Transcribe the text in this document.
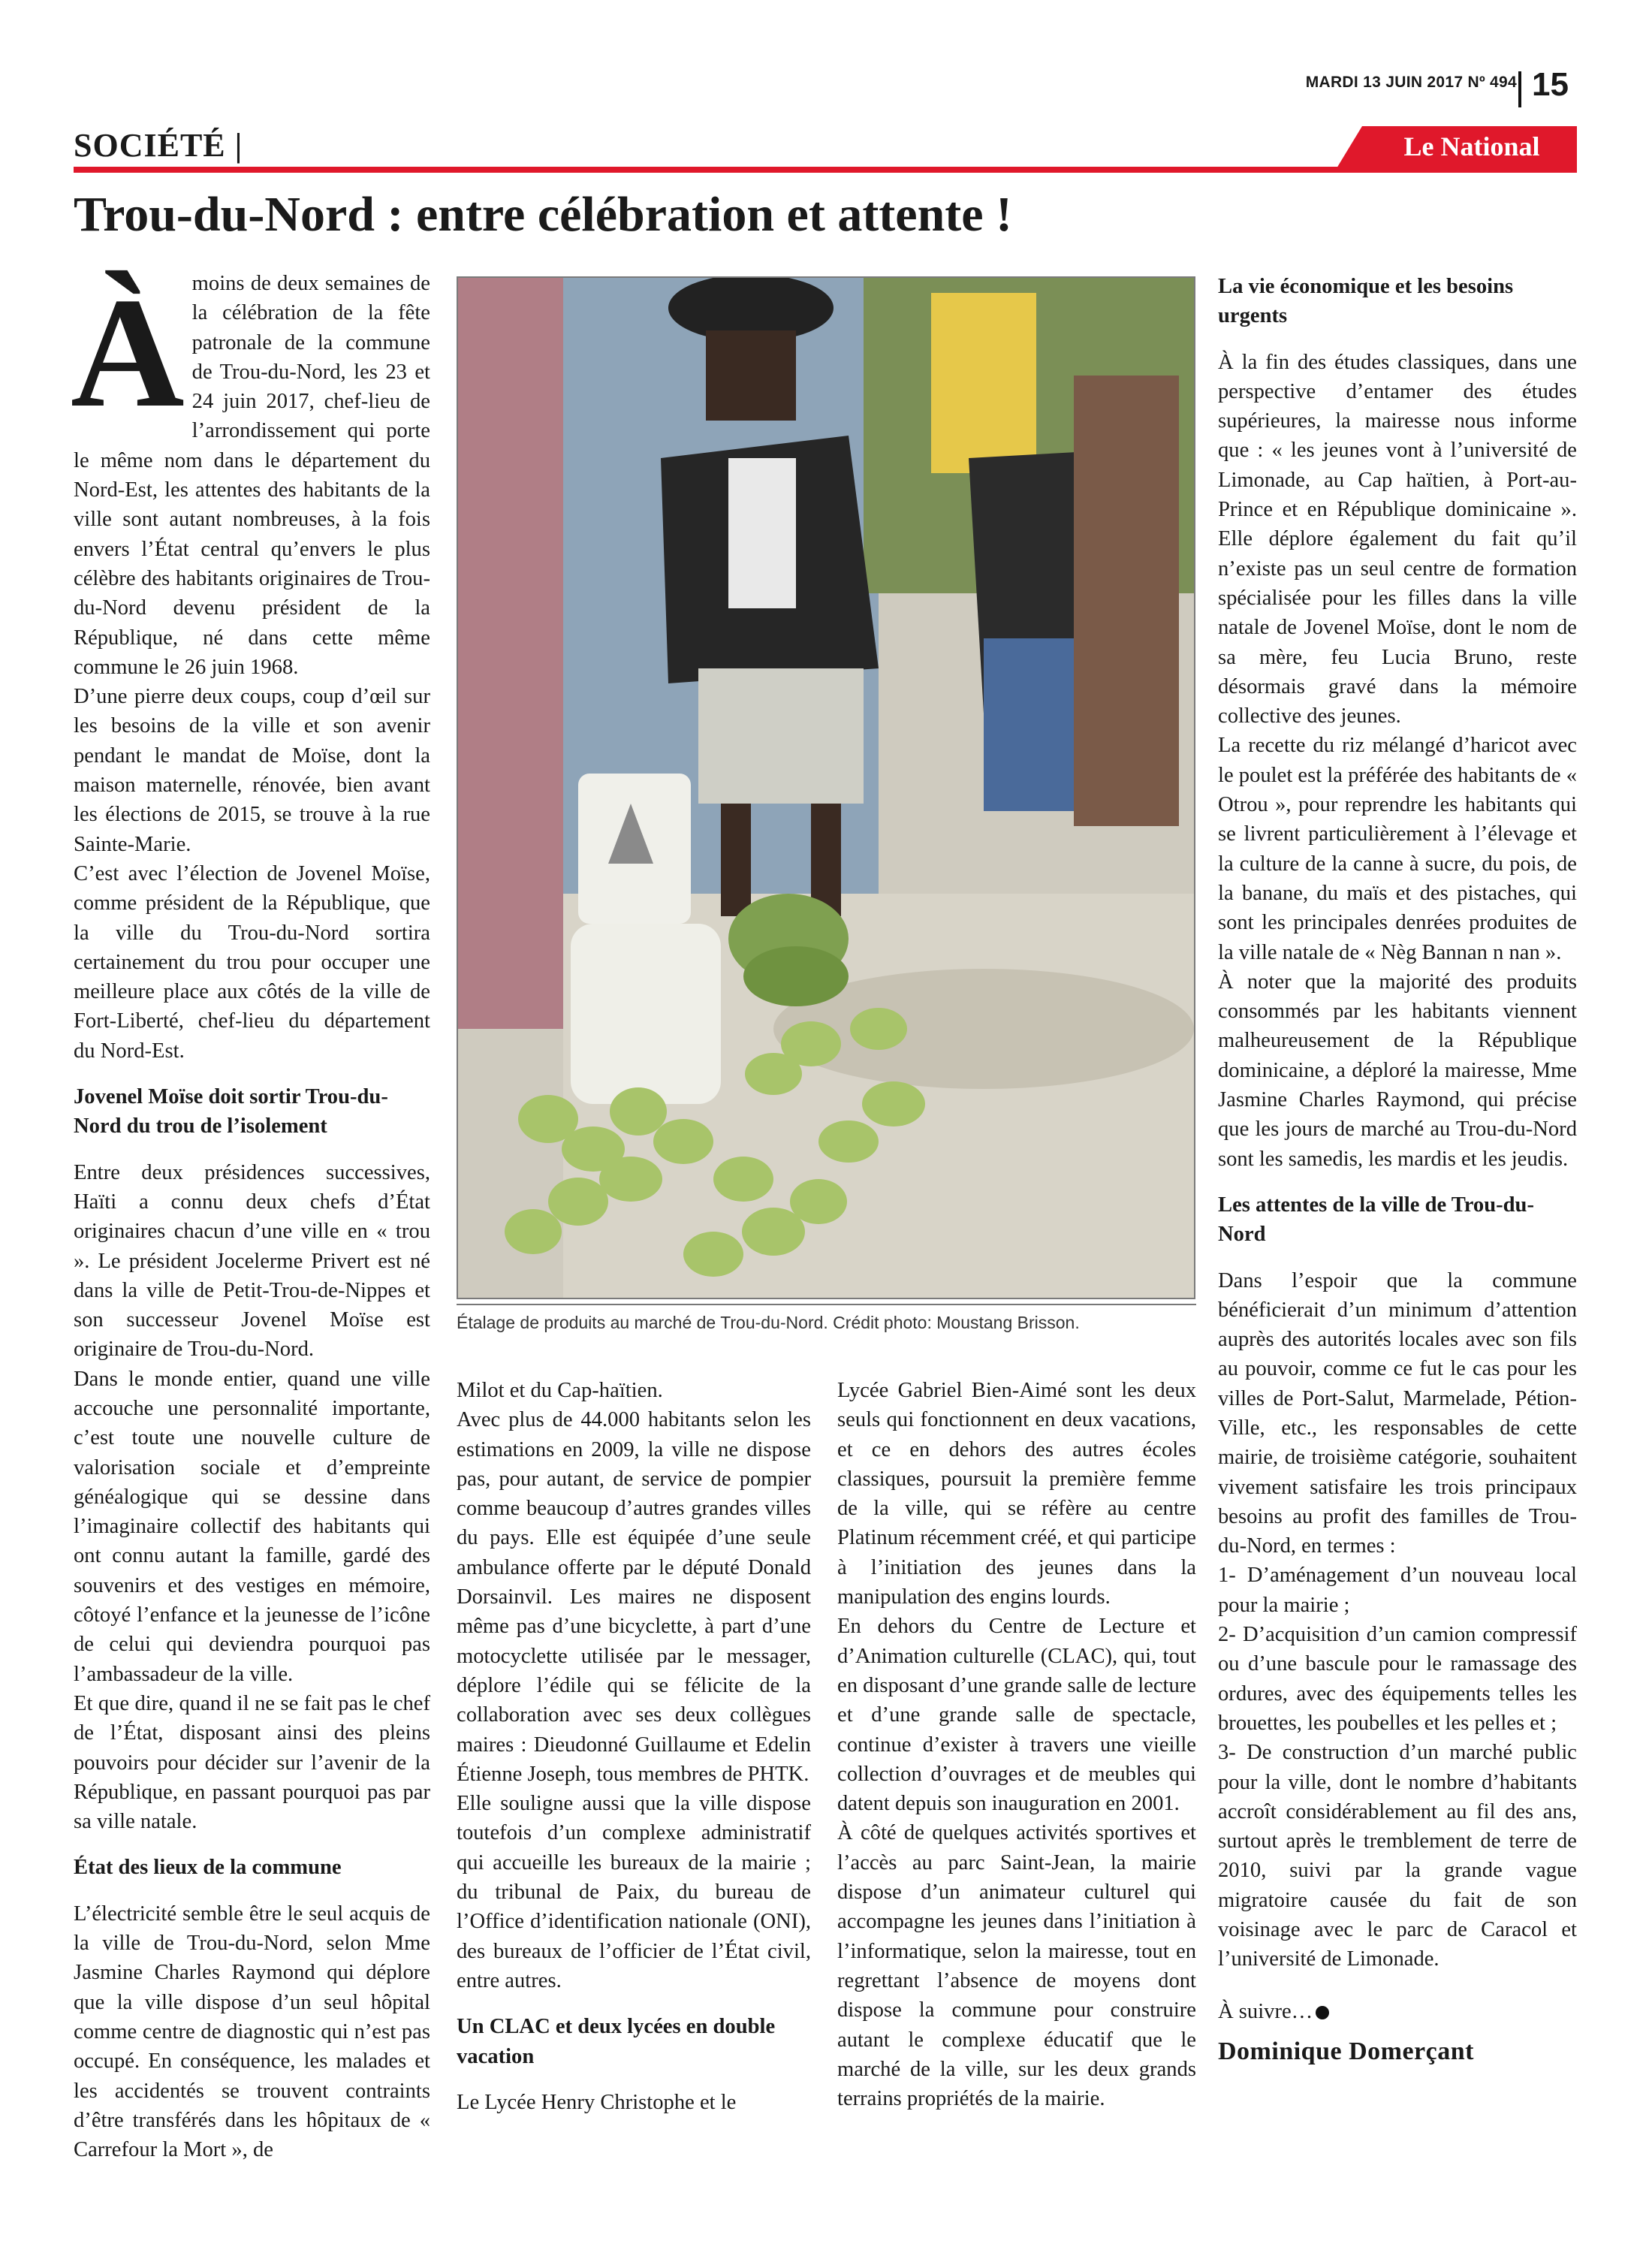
MARDI 13 JUIN 2017 Nº 494 15
SOCIÉTÉ |	Le National
Trou-du-Nord : entre célébration et attente !
À moins de deux semaines de la célébration de la fête patronale de la commune de Trou-du-Nord, les 23 et 24 juin 2017, chef-lieu de l’arrondissement qui porte le même nom dans le département du Nord-Est, les attentes des habitants de la ville sont autant nombreuses, à la fois envers l’État central qu’envers le plus célèbre des habitants originaires de Trou-du-Nord devenu président de la République, né dans cette même commune le 26 juin 1968.

D’une pierre deux coups, coup d’œil sur les besoins de la ville et son avenir pendant le mandat de Moïse, dont la maison maternelle, rénovée, bien avant les élections de 2015, se trouve à la rue Sainte-Marie.

C’est avec l’élection de Jovenel Moïse, comme président de la République, que la ville du Trou-du-Nord sortira certainement du trou pour occuper une meilleure place aux côtés de la ville de Fort-Liberté, chef-lieu du département du Nord-Est.

Jovenel Moïse doit sortir Trou-du-Nord du trou de l’isolement

Entre deux présidences successives, Haïti a connu deux chefs d’État originaires chacun d’une ville en « trou ». Le président Jocelerme Privert est né dans la ville de Petit-Trou-de-Nippes et son successeur Jovenel Moïse est originaire de Trou-du-Nord.

Dans le monde entier, quand une ville accouche une personnalité importante, c’est toute une nouvelle culture de valorisation sociale et d’empreinte généalogique qui se dessine dans l’imaginaire collectif des habitants qui ont connu autant la famille, gardé des souvenirs et des vestiges en mémoire, côtoyé l’enfance et la jeunesse de l’icône de celui qui deviendra pourquoi pas l’ambassadeur de la ville.

Et que dire, quand il ne se fait pas le chef de l’État, disposant ainsi des pleins pouvoirs pour décider sur l’avenir de la République, en passant pourquoi pas par sa ville natale.

État des lieux de la commune

L’électricité semble être le seul acquis de la ville de Trou-du-Nord, selon Mme Jasmine Charles Raymond qui déplore que la ville dispose d’un seul hôpital comme centre de diagnostic qui n’est pas occupé. En conséquence, les malades et les accidentés se trouvent contraints d’être transférés dans les hôpitaux de « Carrefour la Mort », de

Étalage de produits au marché de Trou-du-Nord. Crédit photo: Moustang Brisson.

Milot et du Cap-haïtien.

Avec plus de 44.000 habitants selon les estimations en 2009, la ville ne dispose pas, pour autant, de service de pompier comme beaucoup d’autres grandes villes du pays. Elle est équipée d’une seule ambulance offerte par le député Donald Dorsainvil. Les maires ne disposent même pas d’une bicyclette, à part d’une motocyclette utilisée par le messager, déplore l’édile qui se félicite de la collaboration avec ses deux collègues maires : Dieudonné Guillaume et Edelin Étienne Joseph, tous membres de PHTK.

Elle souligne aussi que la ville dispose toutefois d’un complexe administratif qui accueille les bureaux de la mairie ; du tribunal de Paix, du bureau de l’Office d’identification nationale (ONI), des bureaux de l’officier de l’État civil, entre autres.

Un CLAC et deux lycées en double vacation

Le Lycée Henry Christophe et le

Lycée Gabriel Bien-Aimé sont les deux seuls qui fonctionnent en deux vacations, et ce en dehors des autres écoles classiques, poursuit la première femme de la ville, qui se réfère au centre Platinum récemment créé, et qui participe à l’initiation des jeunes dans la manipulation des engins lourds.

En dehors du Centre de Lecture et d’Animation culturelle (CLAC), qui, tout en disposant d’une grande salle de lecture et d’une grande salle de spectacle, continue d’exister à travers une vieille collection d’ouvrages et de meubles qui datent depuis son inauguration en 2001.

À côté de quelques activités sportives et l’accès au parc Saint-Jean, la mairie dispose d’un animateur culturel qui accompagne les jeunes dans l’initiation à l’informatique, selon la mairesse, tout en regrettant l’absence de moyens dont dispose la commune pour construire autant le complexe éducatif que le marché de la ville, sur les deux grands terrains propriétés de la mairie.

La vie économique et les besoins urgents

À la fin des études classiques, dans une perspective d’entamer des études supérieures, la mairesse nous informe que : « les jeunes vont à l’université de Limonade, au Cap haïtien, à Port-au-Prince et en République dominicaine ». Elle déplore également du fait qu’il n’existe pas un seul centre de formation spécialisée pour les filles dans la ville natale de Jovenel Moïse, dont le nom de sa mère, feu Lucia Bruno, reste désormais gravé dans la mémoire collective des jeunes.

La recette du riz mélangé d’haricot avec le poulet est la préférée des habitants de « Otrou », pour reprendre les habitants qui se livrent particulièrement à l’élevage et la culture de la canne à sucre, du pois, de la banane, du maïs et des pistaches, qui sont les principales denrées produites de la ville natale de « Nèg Bannan n nan ».

À noter que la majorité des produits consommés par les habitants viennent malheureusement de la République dominicaine, a déploré la mairesse, Mme Jasmine Charles Raymond, qui précise que les jours de marché au Trou-du-Nord sont les samedis, les mardis et les jeudis.

Les attentes de la ville de Trou-du-Nord

Dans l’espoir que la commune bénéficierait d’un minimum d’attention auprès des autorités locales avec son fils au pouvoir, comme ce fut le cas pour les villes de Port-Salut, Marmelade, Pétion-Ville, etc., les responsables de cette mairie, de troisième catégorie, souhaitent vivement satisfaire les trois principaux besoins au profit des familles de Trou-du-Nord, en termes :

1- D’aménagement d’un nouveau local pour la mairie ;

2- D’acquisition d’un camion compressif ou d’une bascule pour le ramassage des ordures, avec des équipements telles les brouettes, les poubelles et les pelles et ;

3- De construction d’un marché public pour la ville, dont le nombre d’habitants accroît considérablement au fil des ans, surtout après le tremblement de terre de 2010, suivi par la grande vague migratoire causée du fait de son voisinage avec le parc de Caracol et l’université de Limonade.

À suivre…

Dominique Domerçant
